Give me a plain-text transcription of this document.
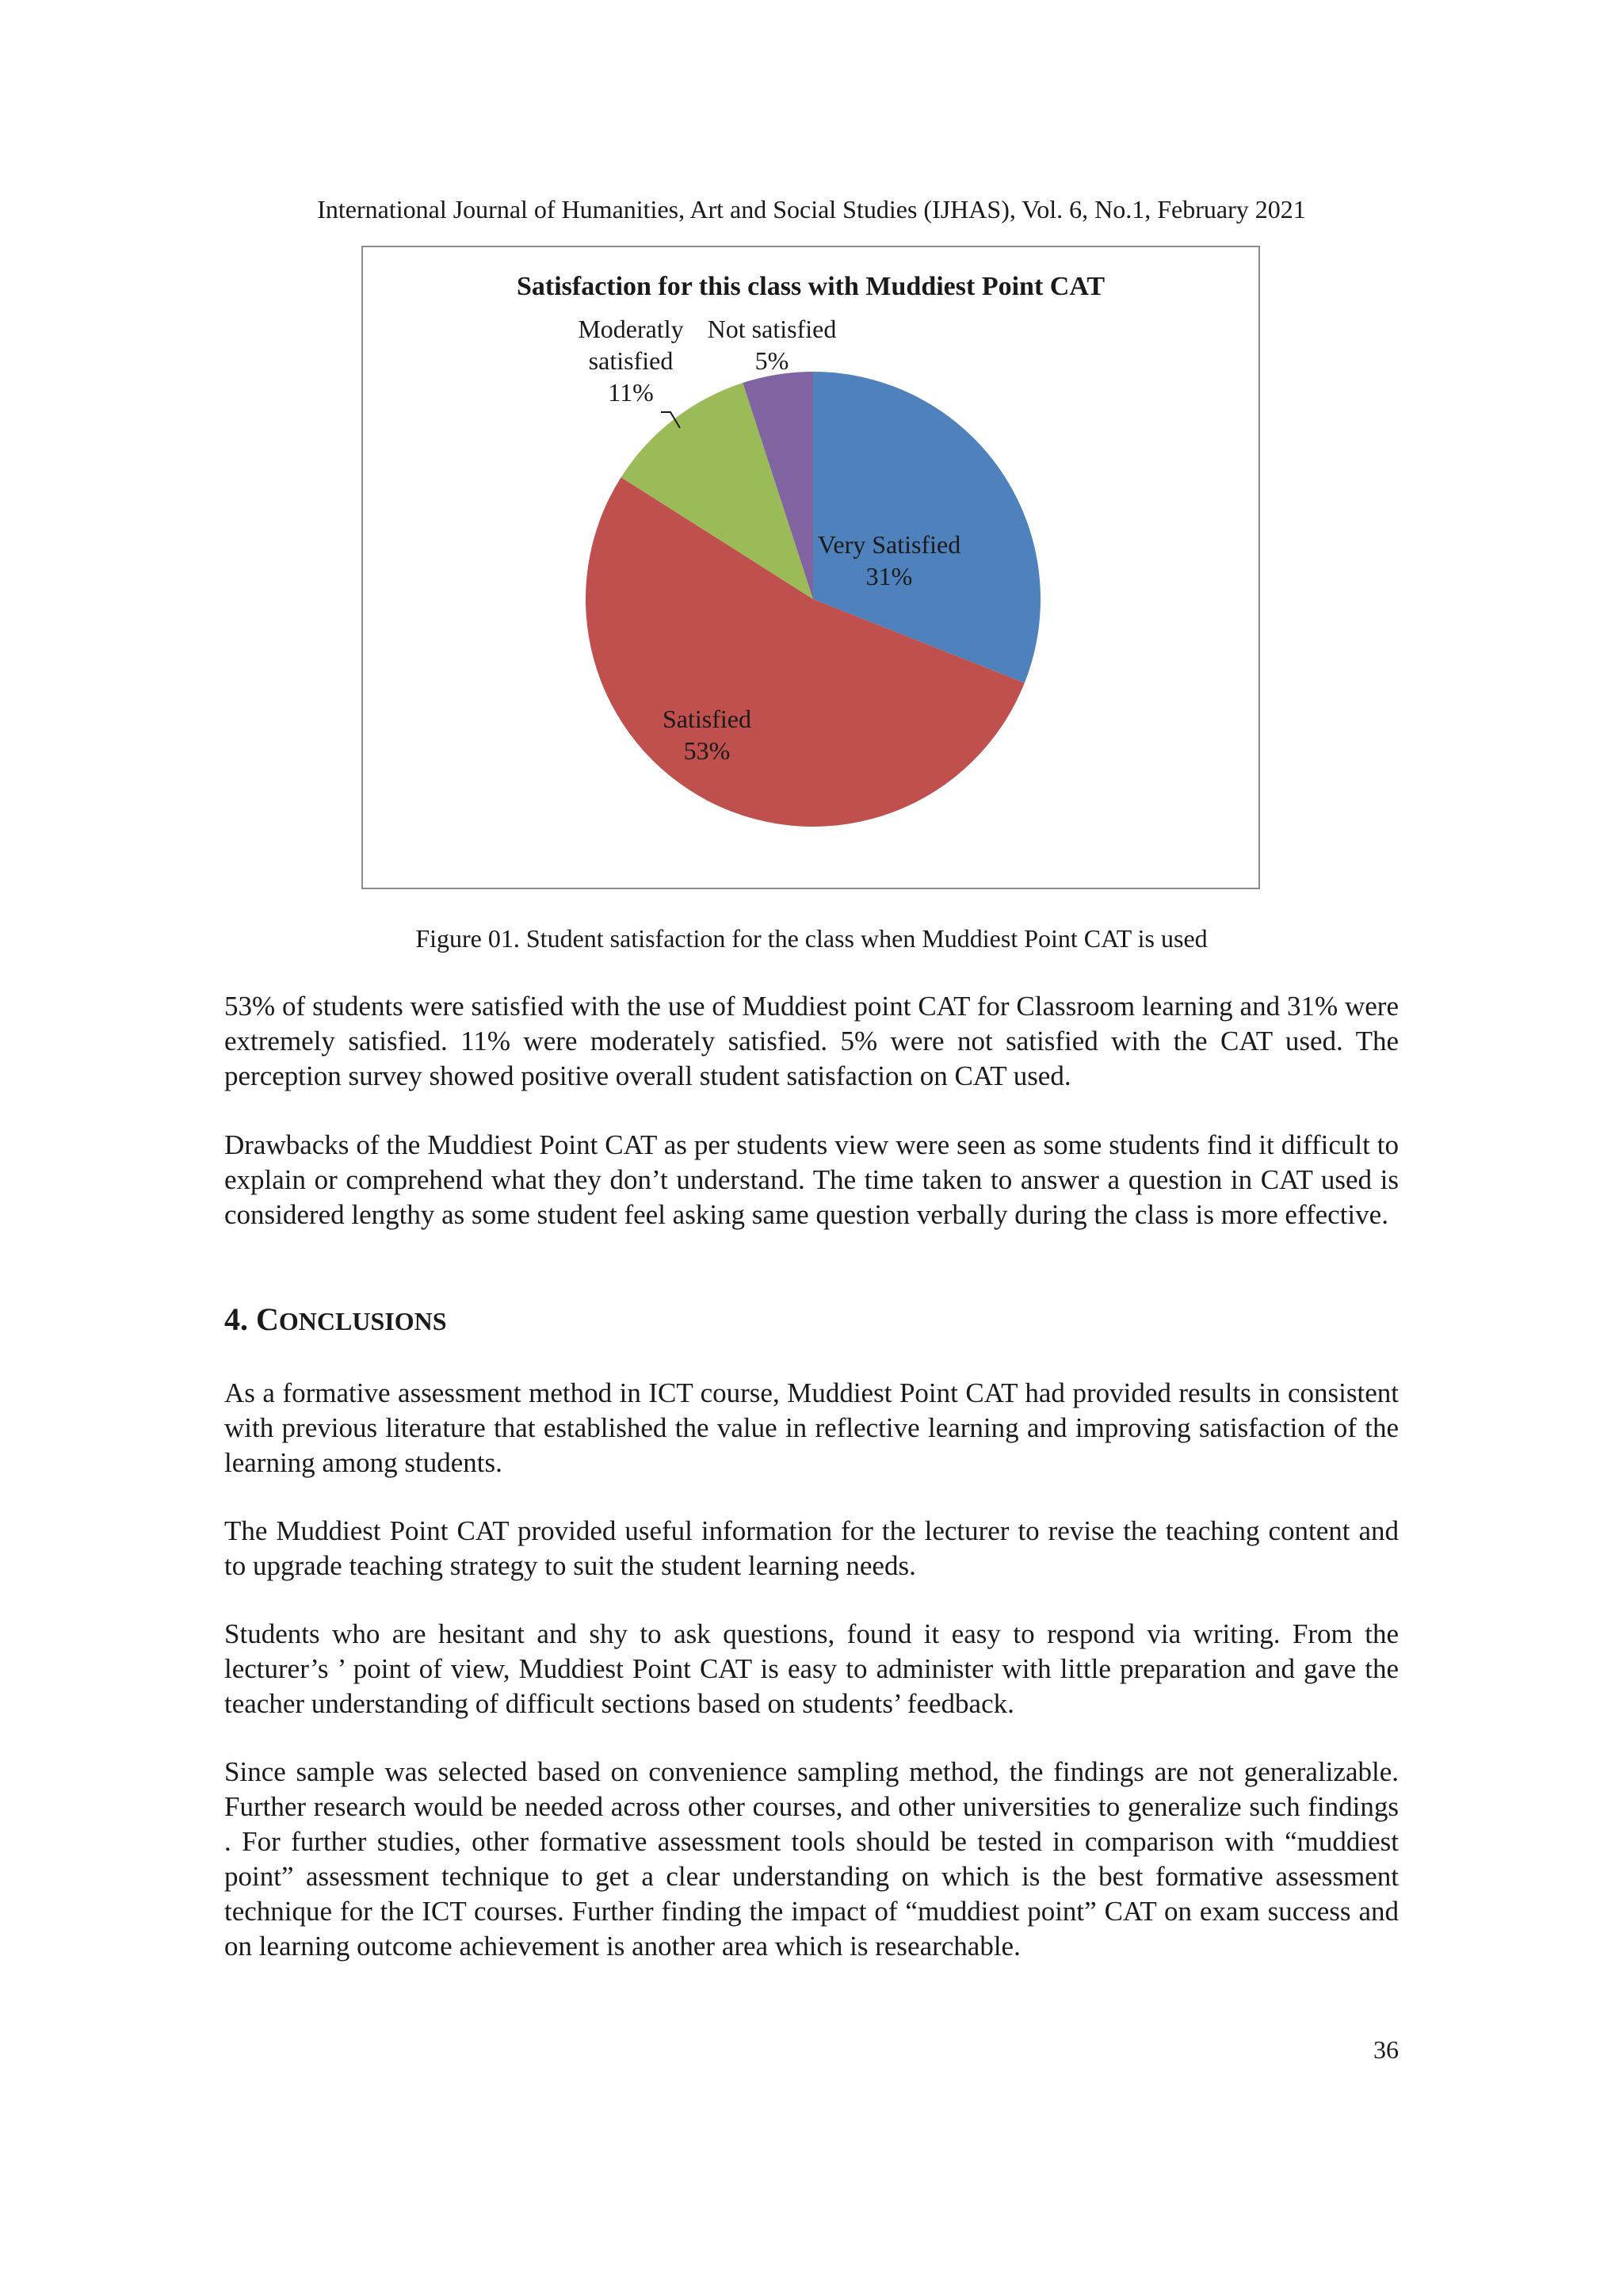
International Journal of Humanities, Art and Social Studies (IJHAS), Vol. 6, No.1, February 2021
Satisfaction for this class with Muddiest Point CAT
Very Satisfied
31%
Satisfied
53%
Moderatly
satisfied
11%
Not satisfied
5%
Figure 01. Student satisfaction for the class when Muddiest Point CAT is used

53% of students were satisfied with the use of Muddiest point CAT for Classroom learning and 31% were extremely satisfied. 11% were moderately satisfied. 5% were not satisfied with the CAT used. The perception survey showed positive overall student satisfaction on CAT used.

Drawbacks of the Muddiest Point CAT as per students view were seen as some students find it difficult to explain or comprehend what they don’t understand. The time taken to answer a question in CAT used is considered lengthy as some student feel asking same question verbally during the class is more effective.

4. CONCLUSIONS

As a formative assessment method in ICT course, Muddiest Point CAT had provided results in consistent with previous literature that established the value in reflective learning and improving satisfaction of the learning among students.

The Muddiest Point CAT provided useful information for the lecturer to revise the teaching content and to upgrade teaching strategy to suit the student learning needs.

Students who are hesitant and shy to ask questions, found it easy to respond via writing. From the lecturer’s ’ point of view, Muddiest Point CAT is easy to administer with little preparation and gave the teacher understanding of difficult sections based on students’ feedback.

Since sample was selected based on convenience sampling method, the findings are not generalizable. Further research would be needed across other courses, and other universities to generalize such findings . For further studies, other formative assessment tools should be tested in comparison with “muddiest point” assessment technique to get a clear understanding on which is the best formative assessment technique for the ICT courses. Further finding the impact of “muddiest point” CAT on exam success and on learning outcome achievement is another area which is researchable.

36
